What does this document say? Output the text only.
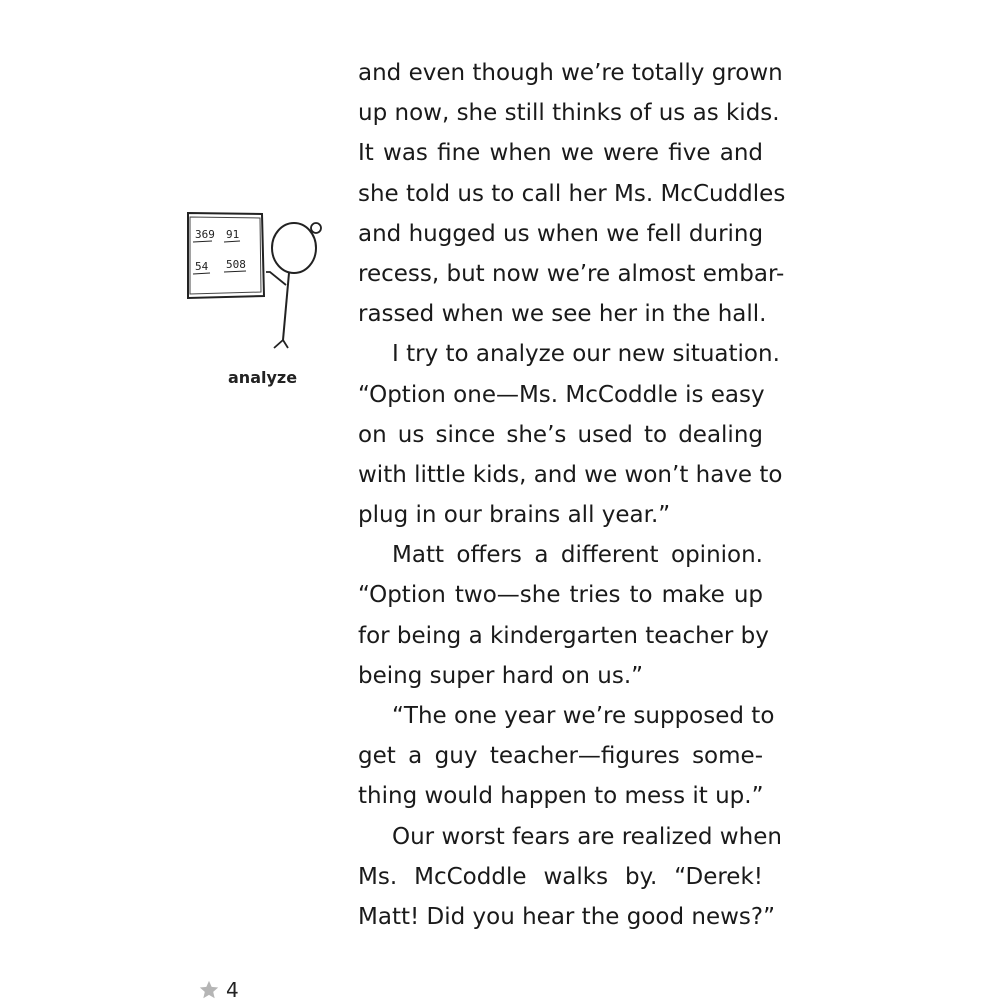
and even though we’re totally grown
up now, she still thinks of us as kids.
It was fine when we were five and
she told us to call her Ms. McCuddles
and hugged us when we fell during
recess, but now we’re almost embar-
rassed when we see her in the hall.
I try to analyze our new situation.
“Option one—Ms. McCoddle is easy
on us since she’s used to dealing
with little kids, and we won’t have to
plug in our brains all year.”
Matt offers a different opinion.
“Option two—she tries to make up
for being a kindergarten teacher by
being super hard on us.”
“The one year we’re supposed to
get a guy teacher—figures some-
thing would happen to mess it up.”
Our worst fears are realized when
Ms. McCoddle walks by. “Derek!
Matt! Did you hear the good news?”
369 91
54 508
analyze
4
